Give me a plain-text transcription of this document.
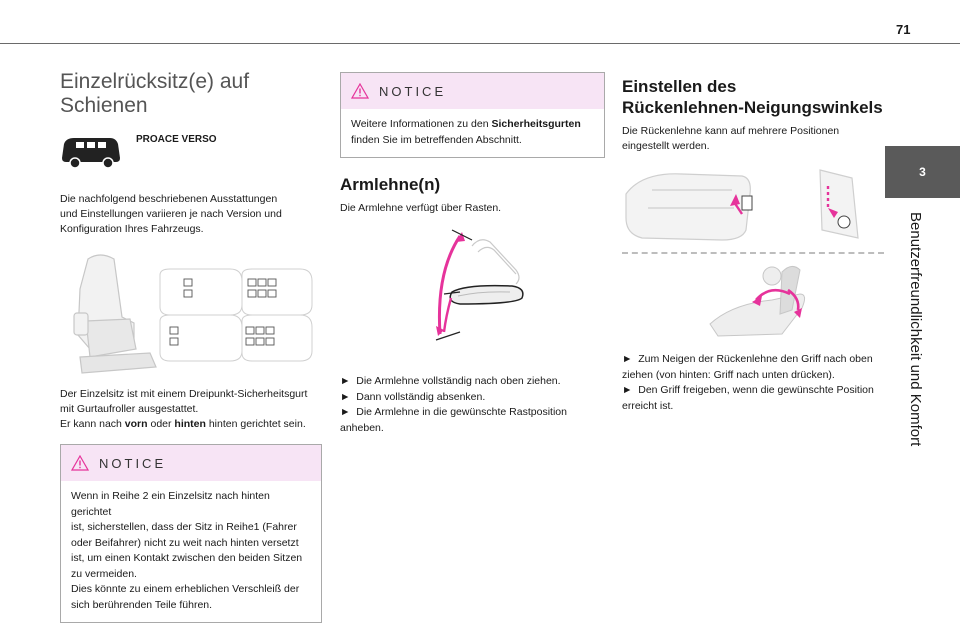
71
3
Benutzerfreundlichkeit und Komfort
Einzelrücksitz(e) auf
Schienen
PROACE VERSO

Die nachfolgend beschriebenen Ausstattungen
und Einstellungen variieren je nach Version und
Konfiguration Ihres Fahrzeugs.

Der Einzelsitz ist mit einem Dreipunkt-Sicherheitsgurt
mit Gurtaufroller ausgestattet.
Er kann nach vorn oder hinten hinten gerichtet sein.

NOTICE
Wenn in Reihe 2 ein Einzelsitz nach hinten gerichtet
ist, sicherstellen, dass der Sitz in Reihe1 (Fahrer
oder Beifahrer) nicht zu weit nach hinten versetzt
ist, um einen Kontakt zwischen den beiden Sitzen
zu vermeiden.
Dies könnte zu einem erheblichen Verschleiß der
sich berührenden Teile führen.
NOTICE
Weitere Informationen zu den Sicherheitsgurten
finden Sie im betreffenden Abschnitt.
Armlehne(n)

Die Armlehne verfügt über Rasten.

► Die Armlehne vollständig nach oben ziehen.
► Dann vollständig absenken.
► Die Armlehne in die gewünschte Rastposition
anheben.
Einstellen des
Rückenlehnen-Neigungswinkels

Die Rückenlehne kann auf mehrere Positionen
eingestellt werden.

► Zum Neigen der Rückenlehne den Griff nach oben
ziehen (von hinten: Griff nach unten drücken).
► Den Griff freigeben, wenn die gewünschte Position
erreicht ist.
